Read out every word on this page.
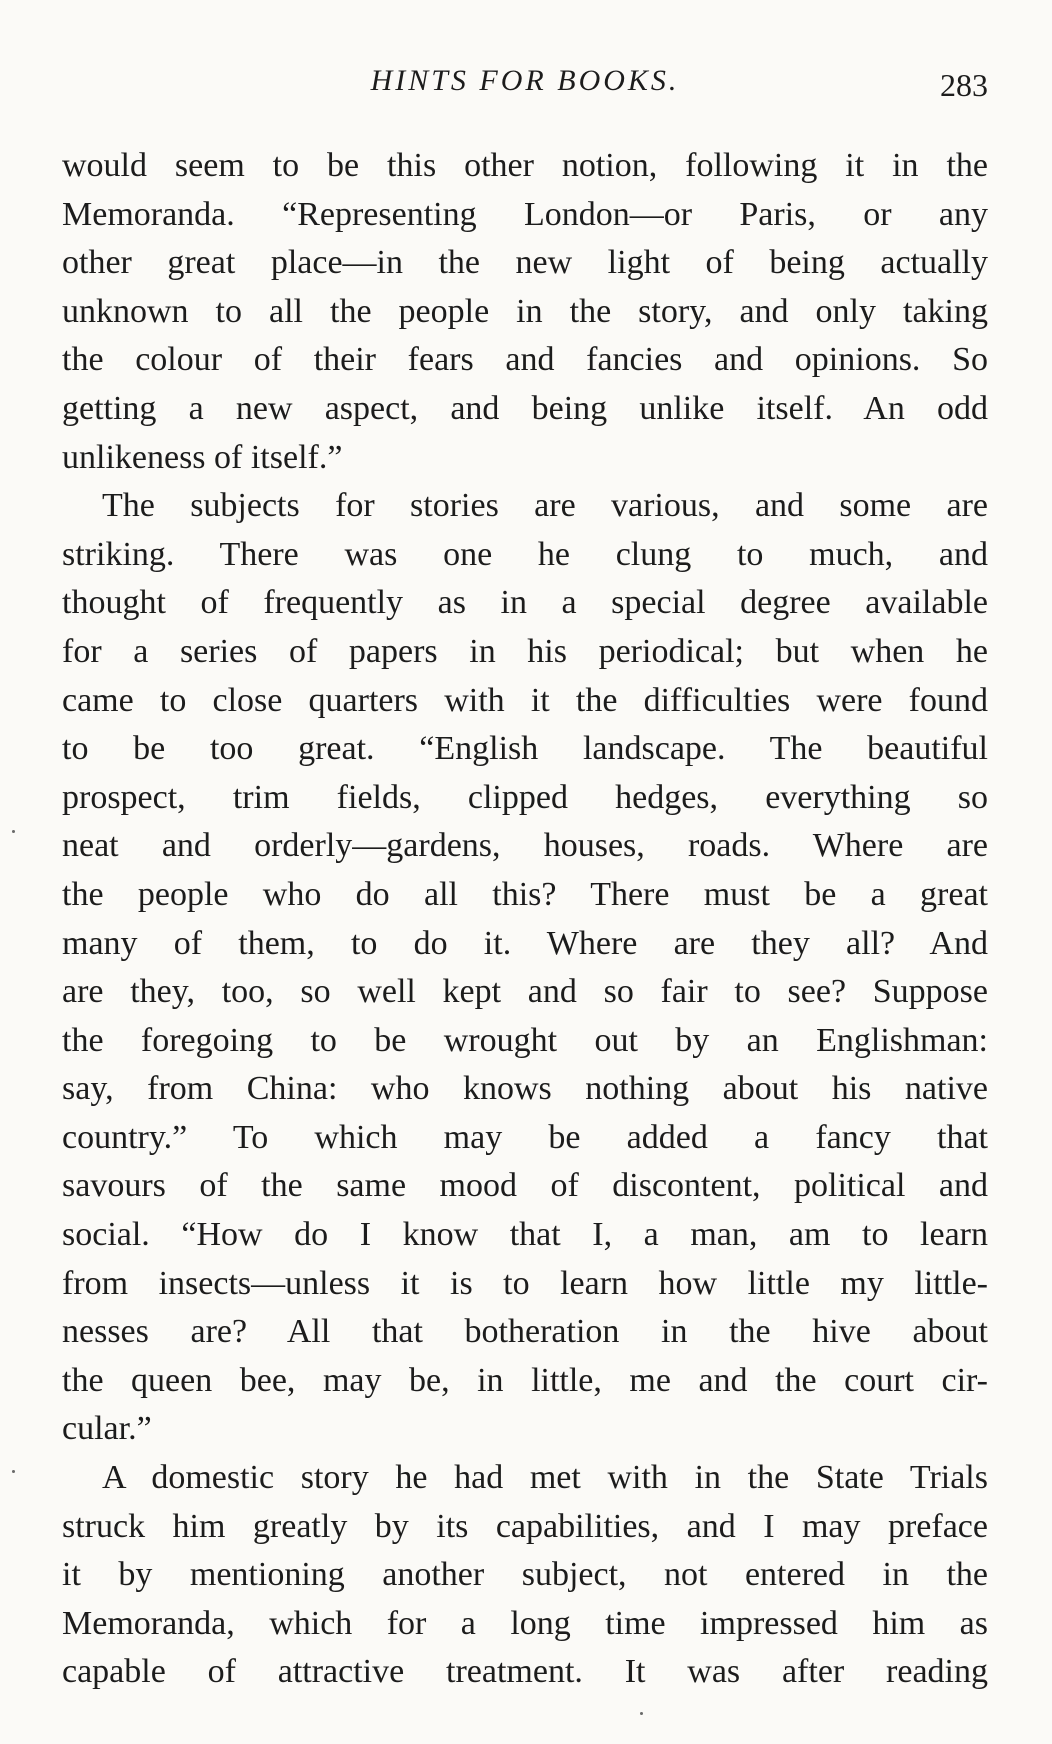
HINTS FOR BOOKS.	283
would seem to be this other notion, following it in the
Memoranda. “Representing London—or Paris, or any
other great place—in the new light of being actually
unknown to all the people in the story, and only taking
the colour of their fears and fancies and opinions. So
getting a new aspect, and being unlike itself. An odd
unlikeness of itself.”
The subjects for stories are various, and some are
striking. There was one he clung to much, and
thought of frequently as in a special degree available
for a series of papers in his periodical; but when he
came to close quarters with it the difficulties were found
to be too great. “English landscape. The beautiful
prospect, trim fields, clipped hedges, everything so
neat and orderly—gardens, houses, roads. Where are
the people who do all this? There must be a great
many of them, to do it. Where are they all? And
are they, too, so well kept and so fair to see? Suppose
the foregoing to be wrought out by an Englishman:
say, from China: who knows nothing about his native
country.” To which may be added a fancy that
savours of the same mood of discontent, political and
social. “How do I know that I, a man, am to learn
from insects—unless it is to learn how little my little-
nesses are? All that botheration in the hive about
the queen bee, may be, in little, me and the court cir-
cular.”
A domestic story he had met with in the State Trials
struck him greatly by its capabilities, and I may preface
it by mentioning another subject, not entered in the
Memoranda, which for a long time impressed him as
capable of attractive treatment. It was after reading
